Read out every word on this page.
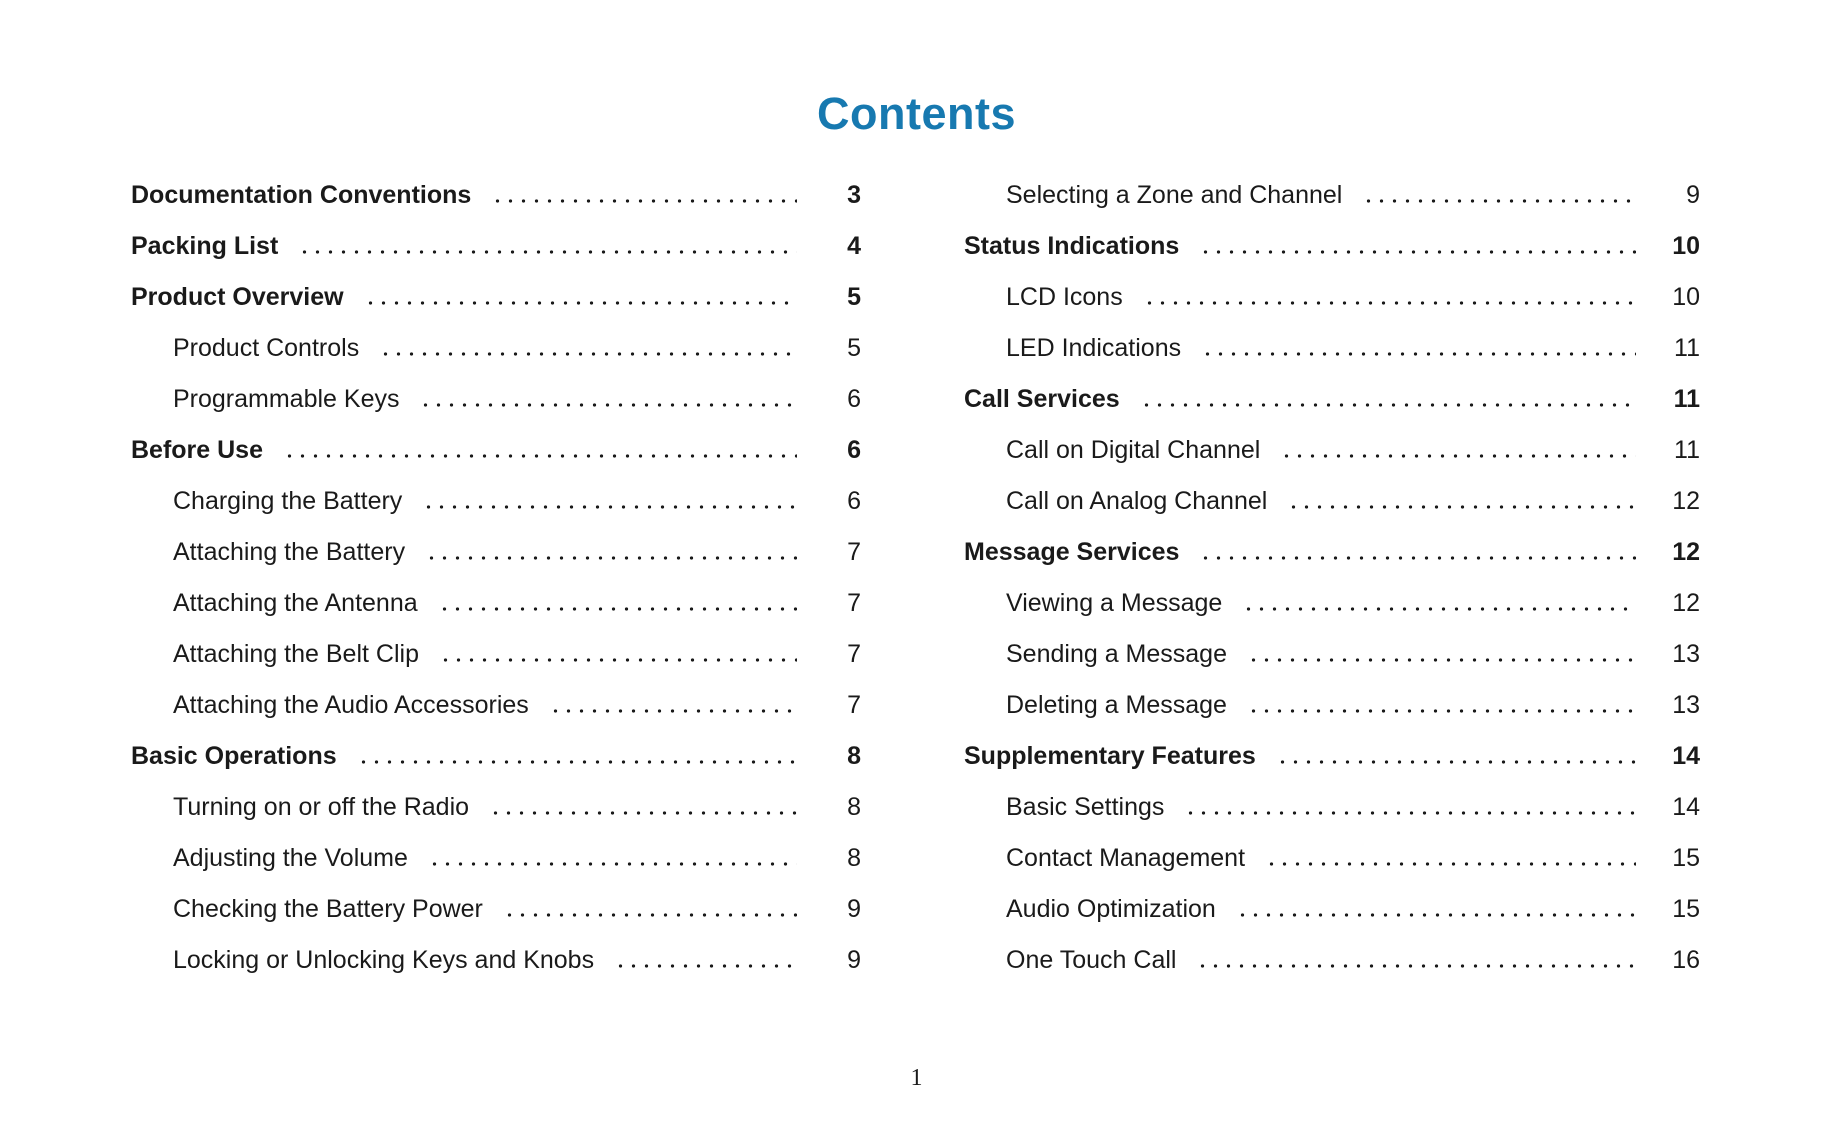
Contents
Documentation Conventions	3
Packing List	4
Product Overview	5
Product Controls	5
Programmable Keys	6
Before Use	6
Charging the Battery	6
Attaching the Battery	7
Attaching the Antenna	7
Attaching the Belt Clip	7
Attaching the Audio Accessories	7
Basic Operations	8
Turning on or off the Radio	8
Adjusting the Volume	8
Checking the Battery Power	9
Locking or Unlocking Keys and Knobs	9
Selecting a Zone and Channel	9
Status Indications	10
LCD Icons	10
LED Indications	11
Call Services	11
Call on Digital Channel	11
Call on Analog Channel	12
Message Services	12
Viewing a Message	12
Sending a Message	13
Deleting a Message	13
Supplementary Features	14
Basic Settings	14
Contact Management	15
Audio Optimization	15
One Touch Call	16
1
